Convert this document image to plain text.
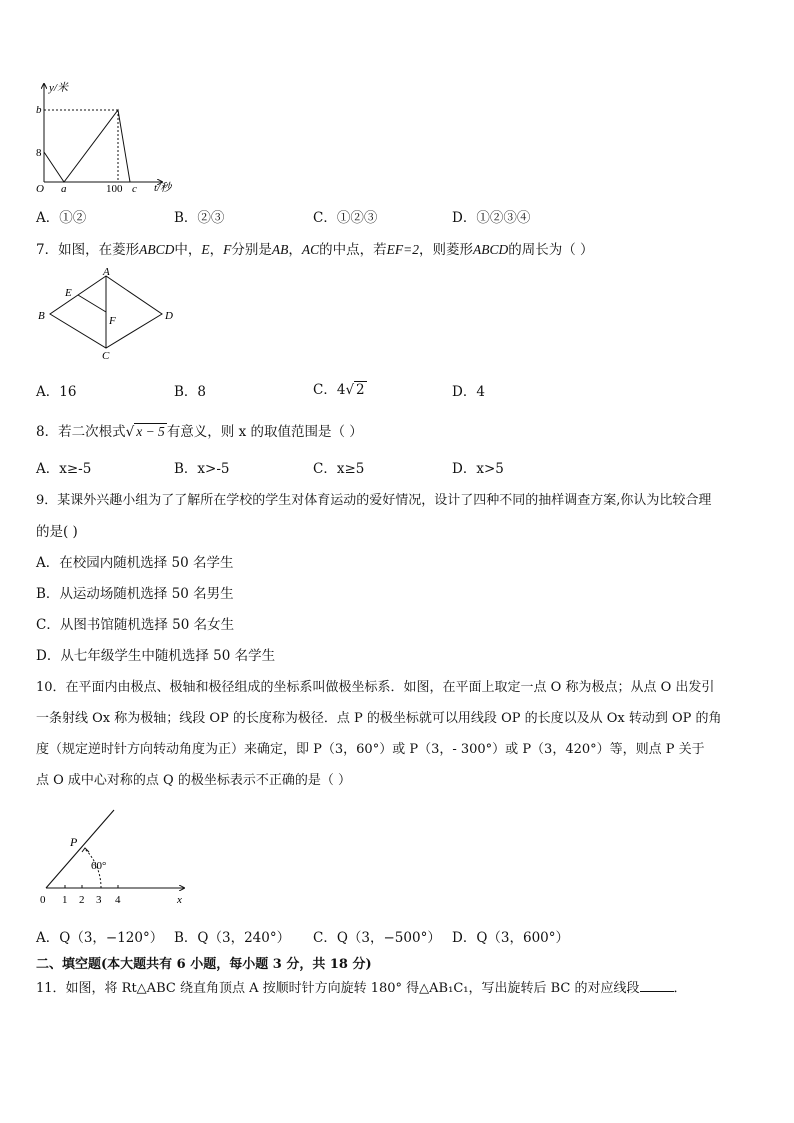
y/米
t/秒
O
b
8
a	100 c
A．①②	B．②③	C．①②③	D．①②③④
7．如图，在菱形ABCD中，E，F分别是AB，AC的中点，若EF=2，则菱形ABCD的周长为（ ）
A
B
C
D
E
F
A．16	B．8	C．4√ 2	D．4
8．若二次根式√ x − 5 有意义，则 x 的取值范围是（ ）
A．x≥-5	B．x>-5	C．x≥5	D．x>5
9．某课外兴趣小组为了了解所在学校的学生对体育运动的爱好情况，设计了四种不同的抽样调查方案,你认为比较合理
的是( )
A．在校园内随机选择 50 名学生
B．从运动场随机选择 50 名男生
C．从图书馆随机选择 50 名女生
D．从七年级学生中随机选择 50 名学生
10．在平面内由极点、极轴和极径组成的坐标系叫做极坐标系．如图，在平面上取定一点 O 称为极点；从点 O 出发引
一条射线 Ox 称为极轴；线段 OP 的长度称为极径．点 P 的极坐标就可以用线段 OP 的长度以及从 Ox 转动到 OP 的角
度（规定逆时针方向转动角度为正）来确定，即 P（3，60°）或 P（3，- 300°）或 P（3，420°）等，则点 P 关于
点 O 成中心对称的点 Q 的极坐标表示不正确的是（ ）
P
60°
0 1 2 3 4	x
A．Q（3，−120°） B．Q（3，240°） C．Q（3，−500°） D．Q（3，600°）
二、填空题(本大题共有 6 小题，每小题 3 分，共 18 分)
11．如图，将 Rt△ABC 绕直角顶点 A 按顺时针方向旋转 180° 得△AB₁C₁，写出旋转后 BC 的对应线段	．
